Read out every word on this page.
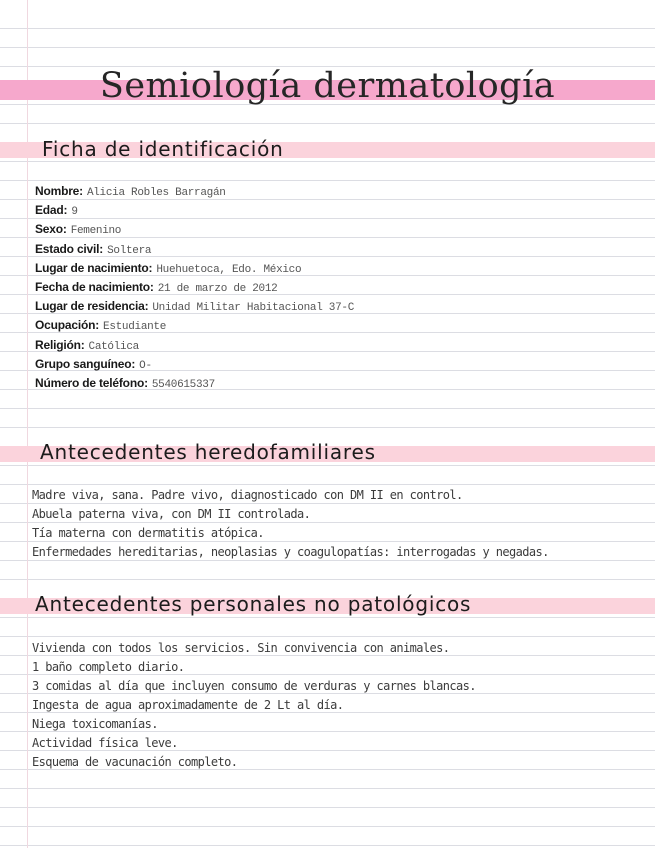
Semiología dermatología
Ficha de identificación
Nombre: Alicia Robles Barragán
Edad: 9
Sexo: Femenino
Estado civil: Soltera
Lugar de nacimiento: Huehuetoca, Edo. México
Fecha de nacimiento: 21 de marzo de 2012
Lugar de residencia: Unidad Militar Habitacional 37-C
Ocupación: Estudiante
Religión: Católica
Grupo sanguíneo: O-
Número de teléfono: 5540615337
Antecedentes heredofamiliares
Madre viva, sana. Padre vivo, diagnosticado con DM II en control.
Abuela paterna viva, con DM II controlada.
Tía materna con dermatitis atópica.
Enfermedades hereditarias, neoplasias y coagulopatías: interrogadas y negadas.
Antecedentes personales no patológicos
Vivienda con todos los servicios. Sin convivencia con animales.
1 baño completo diario.
3 comidas al día que incluyen consumo de verduras y carnes blancas.
Ingesta de agua aproximadamente de 2 Lt al día.
Niega toxicomanías.
Actividad física leve.
Esquema de vacunación completo.
